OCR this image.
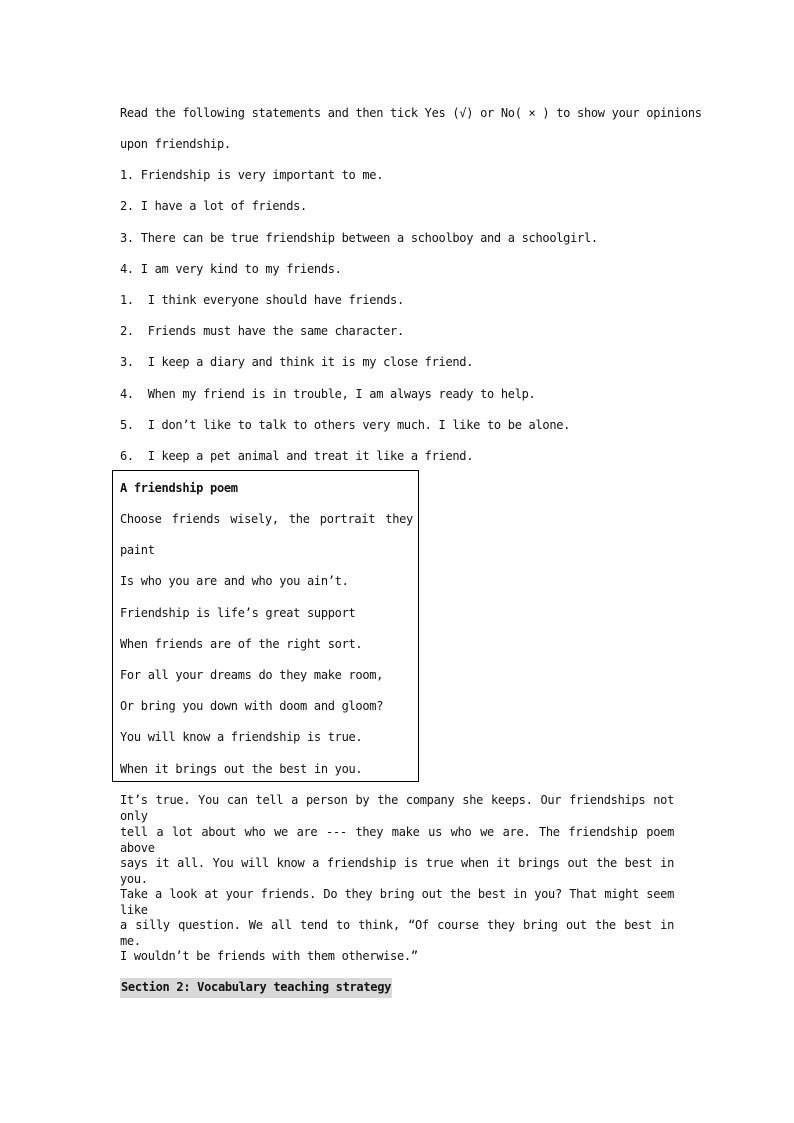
Read the following statements and then tick Yes (√) or No( × ) to show your opinions
upon friendship.
1. Friendship is very important to me.
2. I have a lot of friends.
3. There can be true friendship between a schoolboy and a schoolgirl.
4. I am very kind to my friends.
1.  I think everyone should have friends.
2.  Friends must have the same character.
3.  I keep a diary and think it is my close friend.
4.  When my friend is in trouble, I am always ready to help.
5.  I don’t like to talk to others very much. I like to be alone.
6.  I keep a pet animal and treat it like a friend.
A friendship poem
Choose friends wisely, the portrait they
paint
Is who you are and who you ain’t.
Friendship is life’s great support
When friends are of the right sort.
For all your dreams do they make room,
Or bring you down with doom and gloom?
You will know a friendship is true.
When it brings out the best in you.
It’s true. You can tell a person by the company she keeps. Our friendships not only
tell a lot about who we are --- they make us who we are. The friendship poem above
says it all. You will know a friendship is true when it brings out the best in you.
Take a look at your friends. Do they bring out the best in you? That might seem like
a silly question. We all tend to think, “Of course they bring out the best in me.
I wouldn’t be friends with them otherwise.”
Section 2: Vocabulary teaching strategy
